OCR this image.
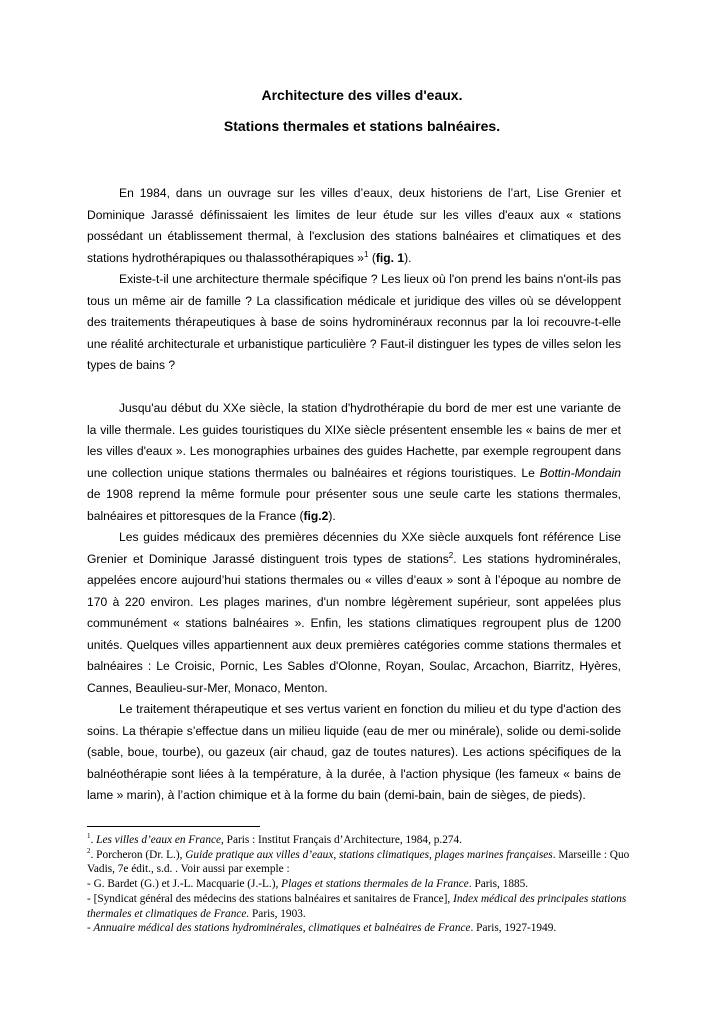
Architecture des villes d'eaux.
Stations thermales et stations balnéaires.

En 1984, dans un ouvrage sur les villes d’eaux, deux historiens de l’art, Lise Grenier et Dominique Jarassé définissaient les limites de leur étude sur les villes d'eaux aux « stations possédant un établissement thermal, à l'exclusion des stations balnéaires et climatiques et des stations hydrothérapiques ou thalassothérapiques »$^1$ (fig. 1).

Existe-t-il une architecture thermale spécifique ? Les lieux où l'on prend les bains n'ont-ils pas tous un même air de famille ? La classification médicale et juridique des villes où se développent des traitements thérapeutiques à base de soins hydrominéraux reconnus par la loi recouvre-t-elle une réalité architecturale et urbanistique particulière ? Faut-il distinguer les types de villes selon les types de bains ?

Jusqu'au début du XXe siècle, la station d'hydrothérapie du bord de mer est une variante de la ville thermale. Les guides touristiques du XIXe siècle présentent ensemble les « bains de mer et les villes d'eaux ». Les monographies urbaines des guides Hachette, par exemple regroupent dans une collection unique stations thermales ou balnéaires et régions touristiques. Le Bottin-Mondain de 1908 reprend la même formule pour présenter sous une seule carte les stations thermales, balnéaires et pittoresques de la France (fig.2).

Les guides médicaux des premières décennies du XXe siècle auxquels font référence Lise Grenier et Dominique Jarassé distinguent trois types de stations$^2$. Les stations hydrominérales, appelées encore aujourd’hui stations thermales ou « villes d’eaux » sont à l’époque au nombre de 170 à 220 environ. Les plages marines, d'un nombre légèrement supérieur, sont appelées plus communément « stations balnéaires ». Enfin, les stations climatiques regroupent plus de 1200 unités. Quelques villes appartiennent aux deux premières catégories comme stations thermales et balnéaires : Le Croisic, Pornic, Les Sables d'Olonne, Royan, Soulac, Arcachon, Biarritz, Hyères, Cannes, Beaulieu-sur-Mer, Monaco, Menton.

Le traitement thérapeutique et ses vertus varient en fonction du milieu et du type d'action des soins. La thérapie s’effectue dans un milieu liquide (eau de mer ou minérale), solide ou demi-solide (sable, boue, tourbe), ou gazeux (air chaud, gaz de toutes natures). Les actions spécifiques de la balnéothérapie sont liées à la température, à la durée, à l'action physique (les fameux « bains de lame » marin), à l’action chimique et à la forme du bain (demi-bain, bain de sièges, de pieds).

$^1$. Les villes d’eaux en France, Paris : Institut Français d’Architecture, 1984, p.274.
$^2$. Porcheron (Dr. L.), Guide pratique aux villes d’eaux, stations climatiques, plages marines françaises. Marseille : Quo Vadis, 7e édit., s.d. . Voir aussi par exemple :
- G. Bardet (G.) et J.-L. Macquarie (J.-L.), Plages et stations thermales de la France. Paris, 1885.
- [Syndicat général des médecins des stations balnéaires et sanitaires de France], Index médical des principales stations thermales et climatiques de France. Paris, 1903.
- Annuaire médical des stations hydrominérales, climatiques et balnéaires de France. Paris, 1927-1949.
